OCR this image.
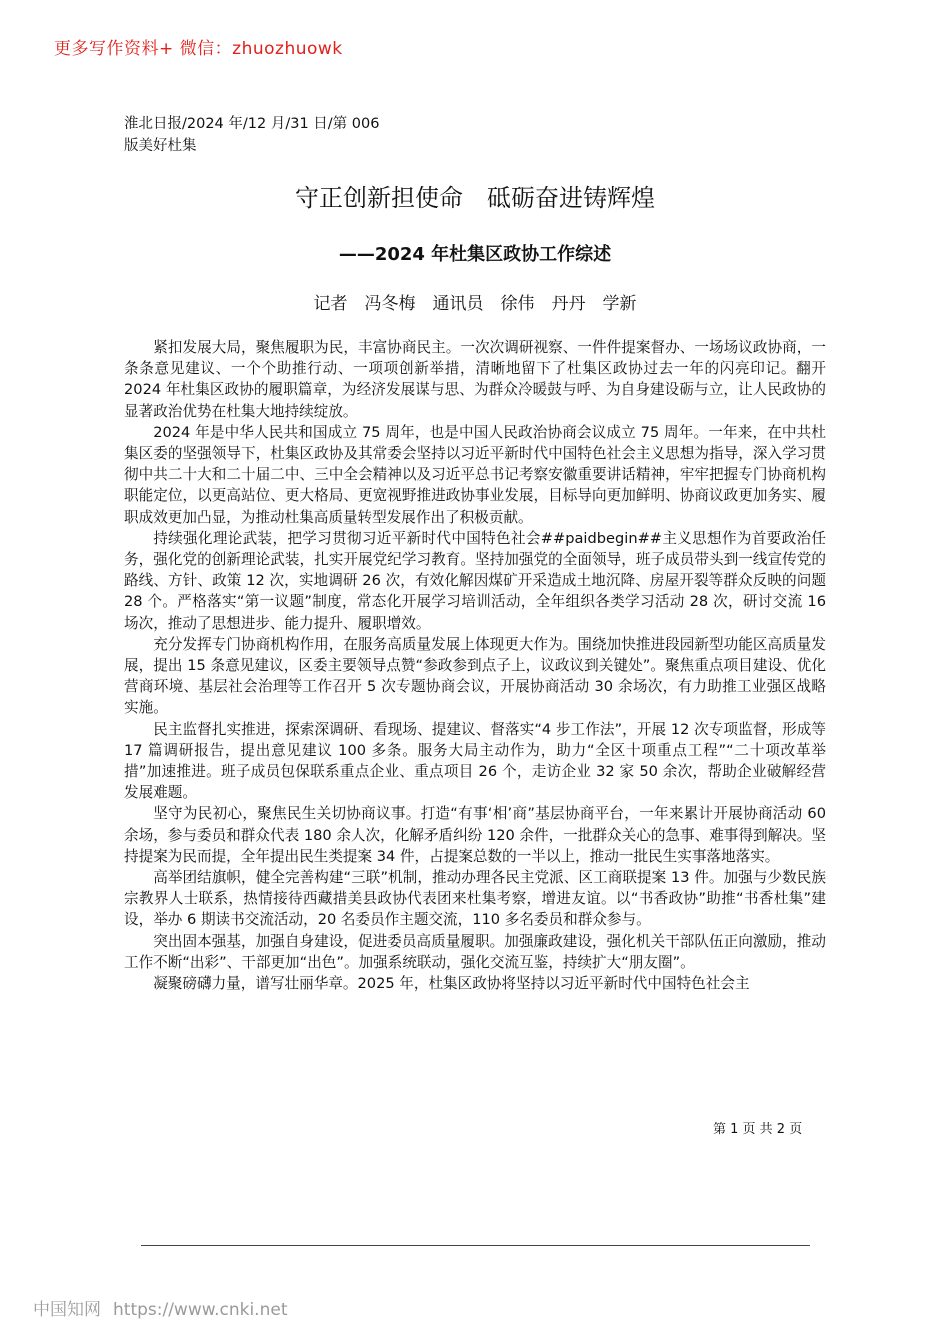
更多写作资料+ 微信：zhuozhuowk
淮北日报/2024 年/12 月/31 日/第 006
版美好杜集
守正创新担使命　砥砺奋进铸辉煌
——2024 年杜集区政协工作综述
记者　冯冬梅　通讯员　徐伟　丹丹　学新

紧扣发展大局，聚焦履职为民，丰富协商民主。一次次调研视察、一件件提案督办、一场场议政协商，一条条意见建议、一个个助推行动、一项项创新举措，清晰地留下了杜集区政协过去一年的闪亮印记。翻开 2024 年杜集区政协的履职篇章，为经济发展谋与思、为群众冷暖鼓与呼、为自身建设砺与立，让人民政协的显著政治优势在杜集大地持续绽放。

2024 年是中华人民共和国成立 75 周年，也是中国人民政治协商会议成立 75 周年。一年来，在中共杜集区委的坚强领导下，杜集区政协及其常委会坚持以习近平新时代中国特色社会主义思想为指导，深入学习贯彻中共二十大和二十届二中、三中全会精神以及习近平总书记考察安徽重要讲话精神，牢牢把握专门协商机构职能定位，以更高站位、更大格局、更宽视野推进政协事业发展，目标导向更加鲜明、协商议政更加务实、履职成效更加凸显，为推动杜集高质量转型发展作出了积极贡献。

持续强化理论武装，把学习贯彻习近平新时代中国特色社会##paidbegin##主义思想作为首要政治任务，强化党的创新理论武装，扎实开展党纪学习教育。坚持加强党的全面领导，班子成员带头到一线宣传党的路线、方针、政策 12 次，实地调研 26 次，有效化解因煤矿开采造成土地沉降、房屋开裂等群众反映的问题 28 个。严格落实“第一议题”制度，常态化开展学习培训活动，全年组织各类学习活动 28 次，研讨交流 16 场次，推动了思想进步、能力提升、履职增效。

充分发挥专门协商机构作用，在服务高质量发展上体现更大作为。围绕加快推进段园新型功能区高质量发展，提出 15 条意见建议，区委主要领导点赞“参政参到点子上，议政议到关键处”。聚焦重点项目建设、优化营商环境、基层社会治理等工作召开 5 次专题协商会议，开展协商活动 30 余场次，有力助推工业强区战略实施。

民主监督扎实推进，探索深调研、看现场、提建议、督落实“4 步工作法”，开展 12 次专项监督，形成等 17 篇调研报告，提出意见建议 100 多条。服务大局主动作为，助力“全区十项重点工程”“二十项改革举措”加速推进。班子成员包保联系重点企业、重点项目 26 个，走访企业 32 家 50 余次，帮助企业破解经营发展难题。

坚守为民初心，聚焦民生关切协商议事。打造“有事‘相’商”基层协商平台，一年来累计开展协商活动 60 余场，参与委员和群众代表 180 余人次，化解矛盾纠纷 120 余件，一批群众关心的急事、难事得到解决。坚持提案为民而提，全年提出民生类提案 34 件，占提案总数的一半以上，推动一批民生实事落地落实。

高举团结旗帜，健全完善构建“三联”机制，推动办理各民主党派、区工商联提案 13 件。加强与少数民族宗教界人士联系，热情接待西藏措美县政协代表团来杜集考察，增进友谊。以“书香政协”助推“书香杜集”建设，举办 6 期读书交流活动，20 名委员作主题交流，110 多名委员和群众参与。

突出固本强基，加强自身建设，促进委员高质量履职。加强廉政建设，强化机关干部队伍正向激励，推动工作不断“出彩”、干部更加“出色”。加强系统联动，强化交流互鉴，持续扩大“朋友圈”。

凝聚磅礴力量，谱写壮丽华章。2025 年，杜集区政协将坚持以习近平新时代中国特色社会主

第 1 页 共 2 页
中国知网 https://www.cnki.net
